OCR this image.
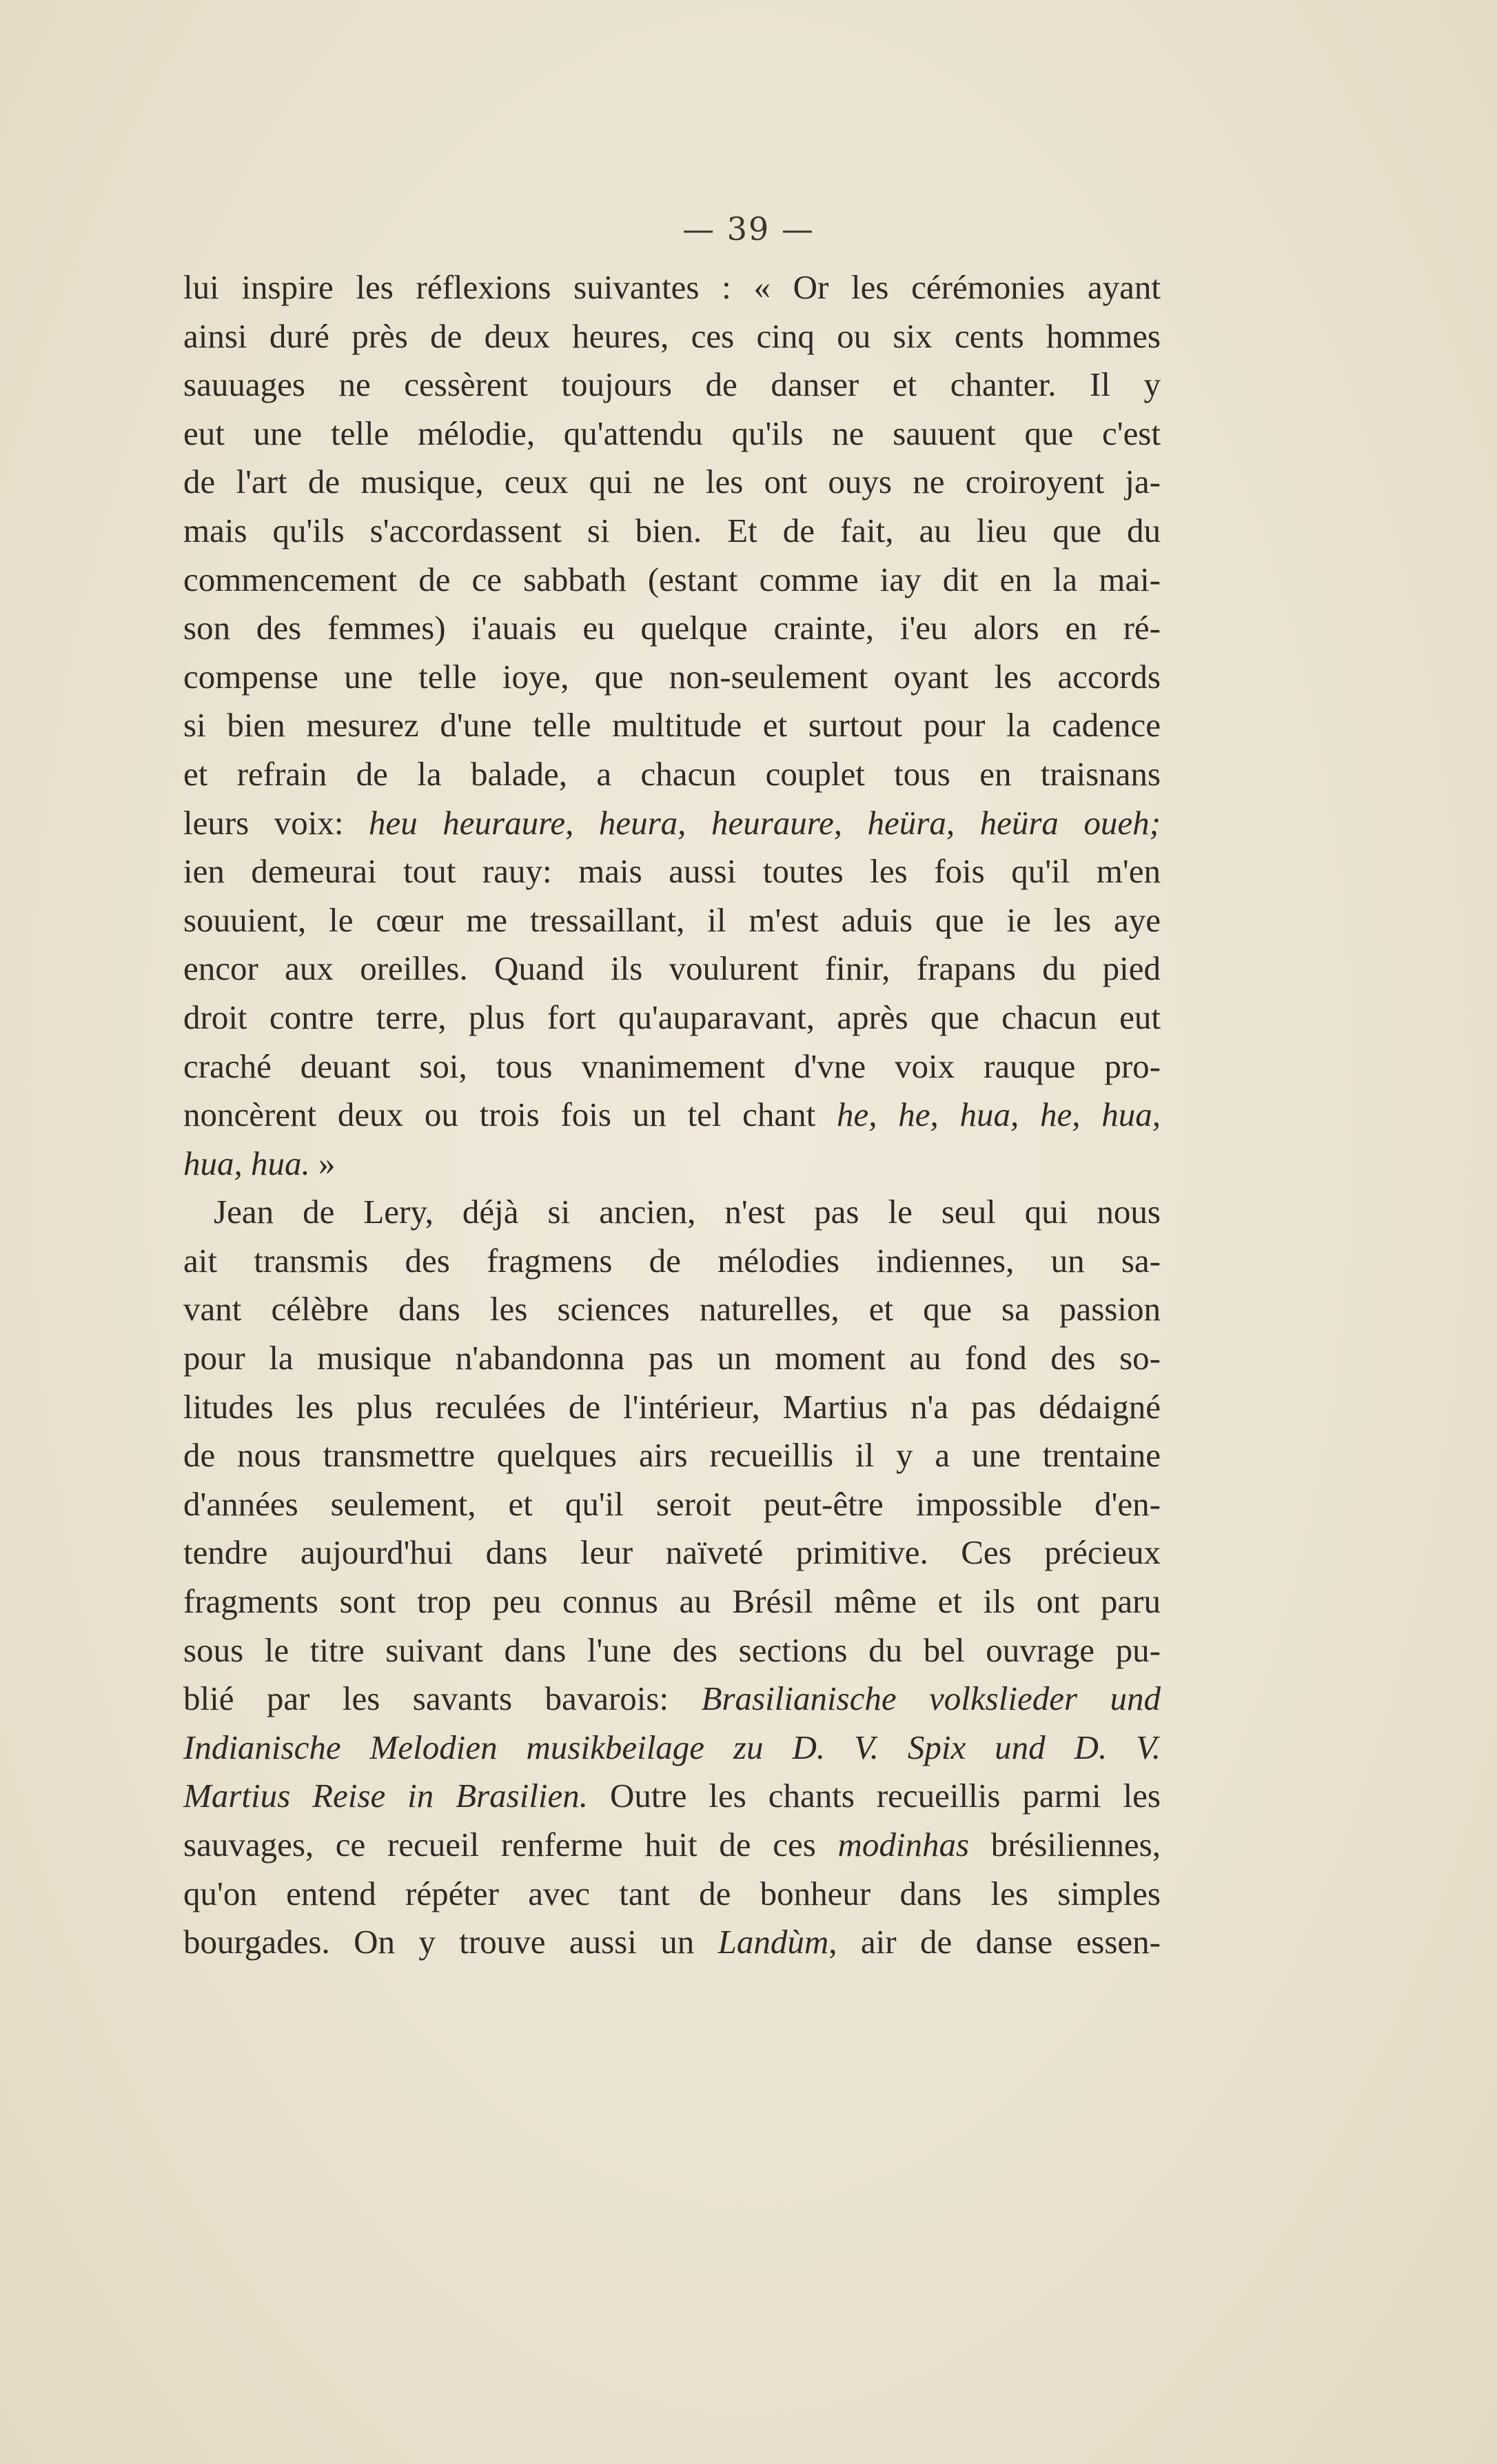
— 39 —
lui inspire les réflexions suivantes : « Or les cérémonies ayant
ainsi duré près de deux heures, ces cinq ou six cents hommes
sauuages ne cessèrent toujours de danser et chanter. Il y
eut une telle mélodie, qu'attendu qu'ils ne sauuent que c'est
de l'art de musique, ceux qui ne les ont ouys ne croiroyent ja-
mais qu'ils s'accordassent si bien. Et de fait, au lieu que du
commencement de ce sabbath (estant comme iay dit en la mai-
son des femmes) i'auais eu quelque crainte, i'eu alors en ré-
compense une telle ioye, que non-seulement oyant les accords
si bien mesurez d'une telle multitude et surtout pour la cadence
et refrain de la balade, a chacun couplet tous en traisnans
leurs voix: heu heuraure, heura, heuraure, heüra, heüra oueh;
ien demeurai tout rauy: mais aussi toutes les fois qu'il m'en
souuient, le cœur me tressaillant, il m'est aduis que ie les aye
encor aux oreilles. Quand ils voulurent finir, frapans du pied
droit contre terre, plus fort qu'auparavant, après que chacun eut
craché deuant soi, tous vnanimement d'vne voix rauque pro-
noncèrent deux ou trois fois un tel chant he, he, hua, he, hua,
hua, hua. »
Jean de Lery, déjà si ancien, n'est pas le seul qui nous
ait transmis des fragmens de mélodies indiennes, un sa-
vant célèbre dans les sciences naturelles, et que sa passion
pour la musique n'abandonna pas un moment au fond des so-
litudes les plus reculées de l'intérieur, Martius n'a pas dédaigné
de nous transmettre quelques airs recueillis il y a une trentaine
d'années seulement, et qu'il seroit peut-être impossible d'en-
tendre aujourd'hui dans leur naïveté primitive. Ces précieux
fragments sont trop peu connus au Brésil même et ils ont paru
sous le titre suivant dans l'une des sections du bel ouvrage pu-
blié par les savants bavarois: Brasilianische volkslieder und
Indianische Melodien musikbeilage zu D. V. Spix und D. V.
Martius Reise in Brasilien. Outre les chants recueillis parmi les
sauvages, ce recueil renferme huit de ces modinhas brésiliennes,
qu'on entend répéter avec tant de bonheur dans les simples
bourgades. On y trouve aussi un Landùm, air de danse essen-
